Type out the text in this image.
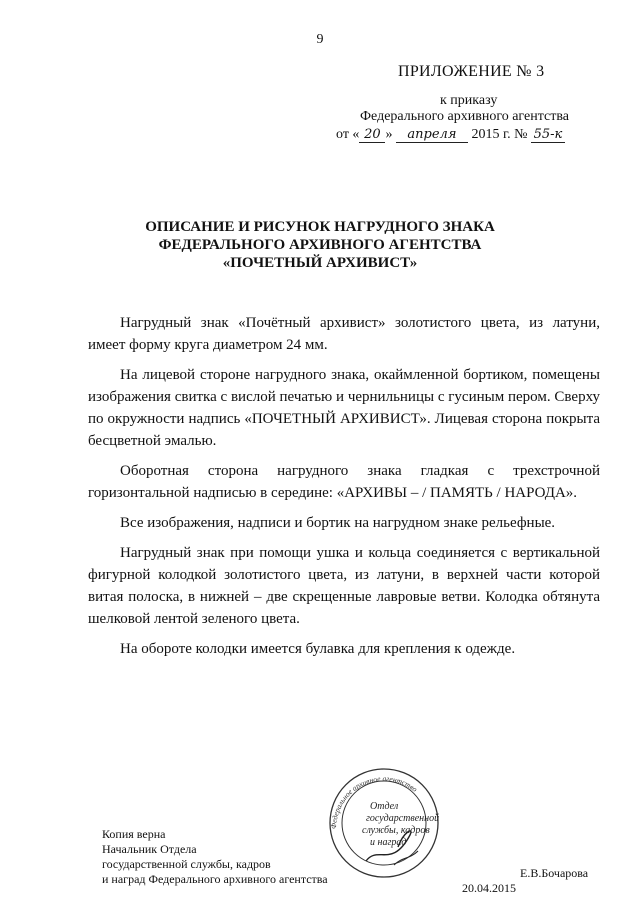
9
ПРИЛОЖЕНИЕ № 3
к приказу
Федерального архивного агентства
от « 20 » апреля 2015 г. № 55-к
ОПИСАНИЕ И РИСУНОК НАГРУДНОГО ЗНАКА
ФЕДЕРАЛЬНОГО АРХИВНОГО АГЕНТСТВА
«ПОЧЕТНЫЙ АРХИВИСТ»

Нагрудный знак «Почётный архивист» золотистого цвета, из латуни, имеет форму круга диаметром 24 мм.

На лицевой стороне нагрудного знака, окаймленной бортиком, помещены изображения свитка с вислой печатью и чернильницы с гусиным пером. Сверху по окружности надпись «ПОЧЕТНЫЙ АРХИВИСТ». Лицевая сторона покрыта бесцветной эмалью.

Оборотная сторона нагрудного знака гладкая с трехстрочной горизонтальной надписью в середине: «АРХИВЫ – / ПАМЯТЬ / НАРОДА».

Все изображения, надписи и бортик на нагрудном знаке рельефные.

Нагрудный знак при помощи ушка и кольца соединяется с вертикальной фигурной колодкой золотистого цвета, из латуни, в верхней части которой витая полоска, в нижней – две скрещенные лавровые ветви. Колодка обтянута шелковой лентой зеленого цвета.

На обороте колодки имеется булавка для крепления к одежде.

Федеральное архивное агентство
Отдел
государственной
службы, кадров
и наград
Копия верна
Начальник Отдела
государственной службы, кадров
и наград Федерального архивного агентства	Е.В.Бочарова
20.04.2015
